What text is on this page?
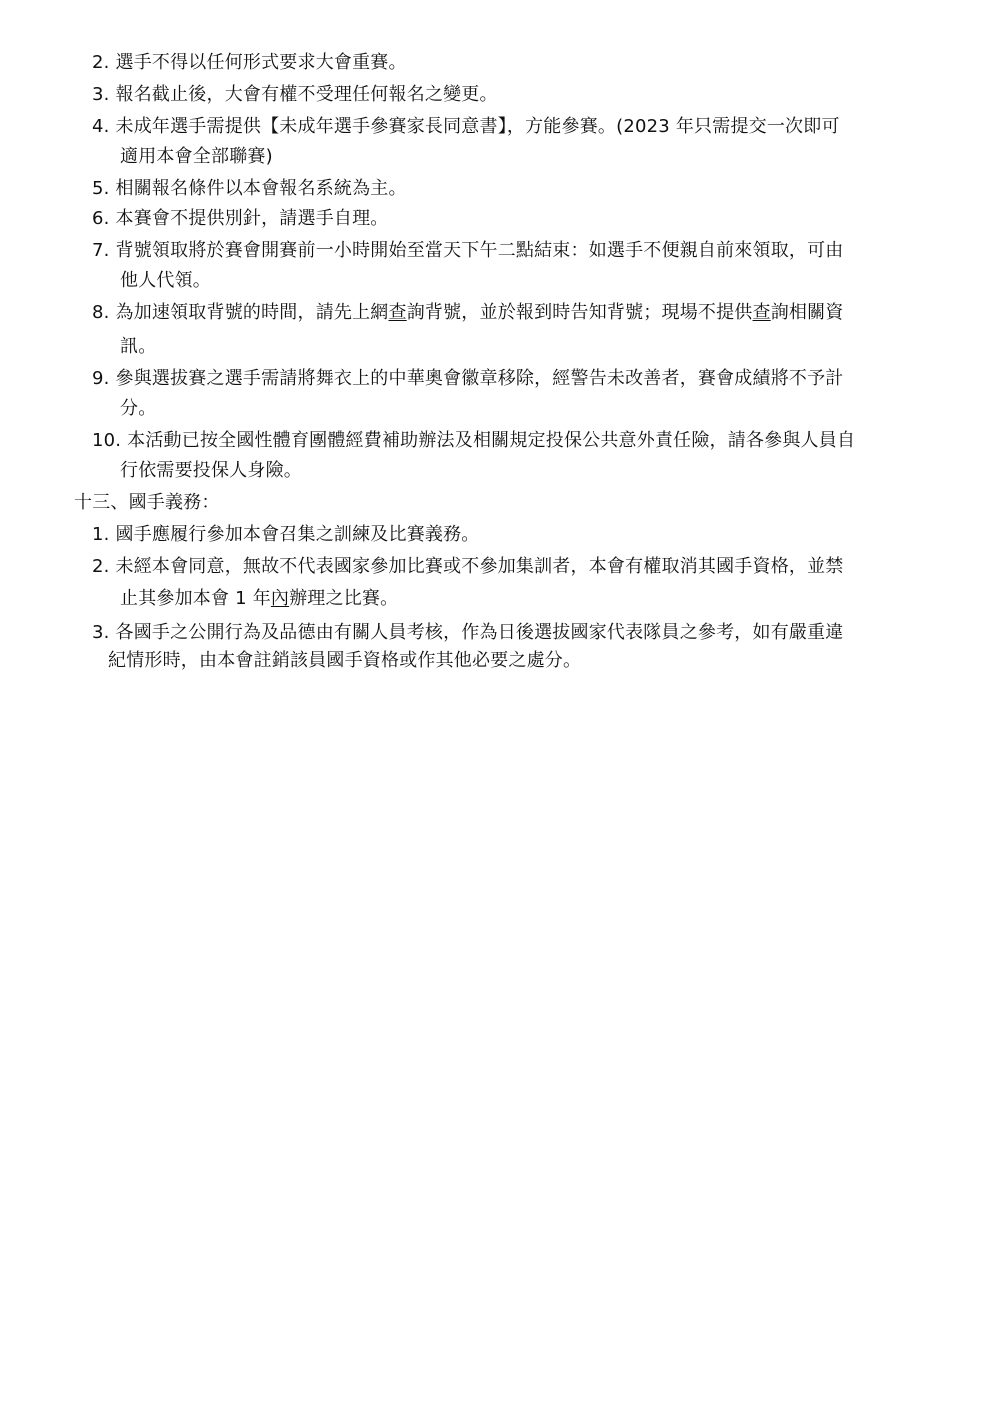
2. 選手不得以任何形式要求大會重賽。
3. 報名截止後，大會有權不受理任何報名之變更。
4. 未成年選手需提供【未成年選手參賽家長同意書】，方能參賽。(2023 年只需提交一次即可
適用本會全部聯賽)
5. 相關報名條件以本會報名系統為主。
6. 本賽會不提供別針，請選手自理。
7. 背號領取將於賽會開賽前一小時開始至當天下午二點結束：如選手不便親自前來領取，可由
他人代領。
8. 為加速領取背號的時間，請先上網查詢背號，並於報到時告知背號；現場不提供查詢相關資
訊。
9. 參與選拔賽之選手需請將舞衣上的中華奧會徽章移除，經警告未改善者，賽會成績將不予計
分。
10. 本活動已按全國性體育團體經費補助辦法及相關規定投保公共意外責任險，請各參與人員自
行依需要投保人身險。
十三、國手義務：
1. 國手應履行參加本會召集之訓練及比賽義務。
2. 未經本會同意，無故不代表國家參加比賽或不參加集訓者，本會有權取消其國手資格，並禁
止其參加本會 1 年內辦理之比賽。
3. 各國手之公開行為及品德由有關人員考核，作為日後選拔國家代表隊員之參考，如有嚴重違
紀情形時，由本會註銷該員國手資格或作其他必要之處分。
